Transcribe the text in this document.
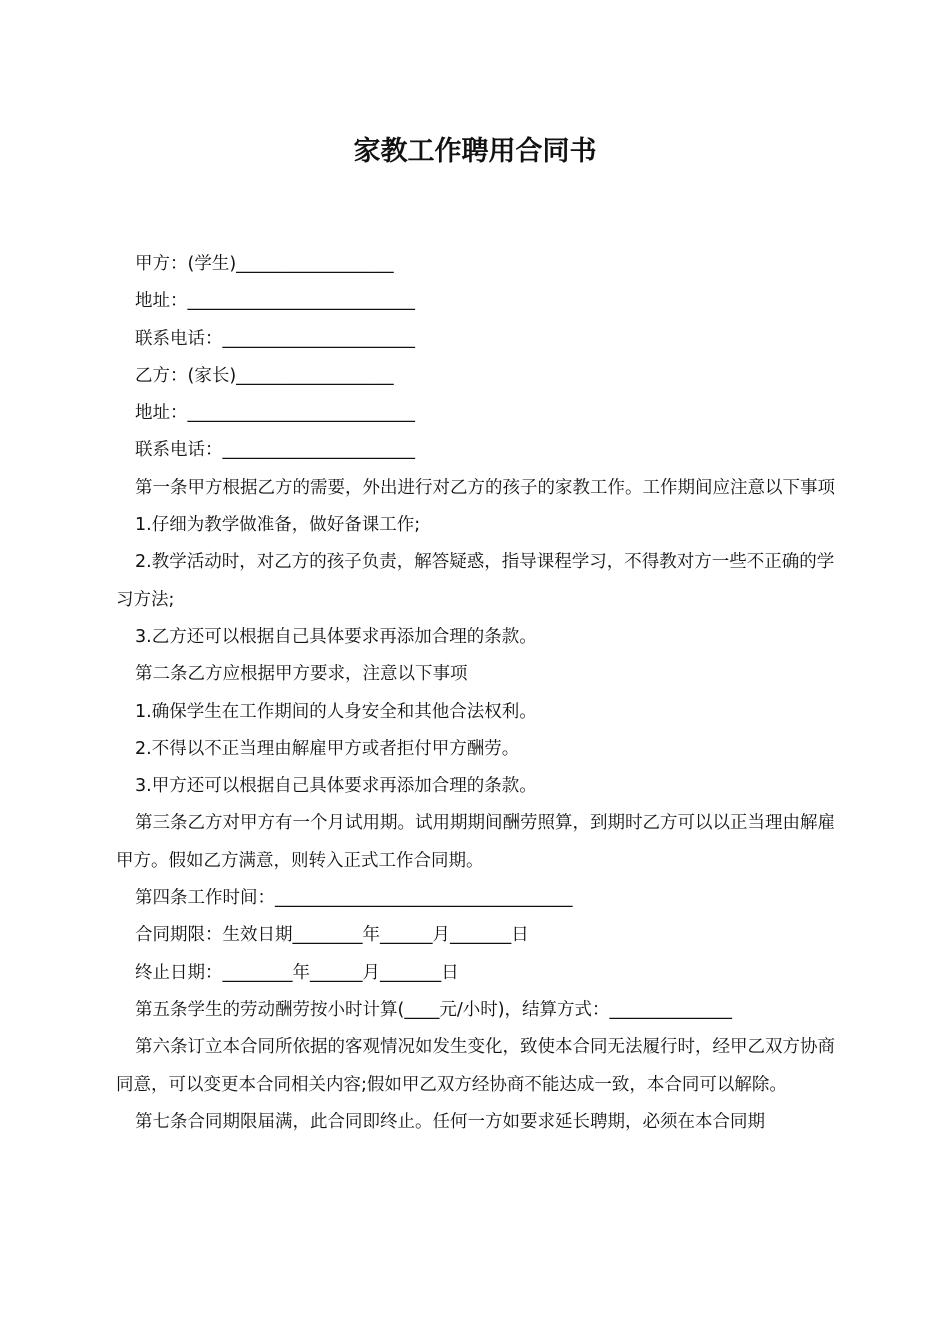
家教工作聘用合同书

甲方：(学生)__________________

地址：__________________________

联系电话：______________________

乙方：(家长)__________________

地址：__________________________

联系电话：______________________

第一条甲方根据乙方的需要，外出进行对乙方的孩子的家教工作。工作期间应注意以下事项

1.仔细为教学做准备，做好备课工作;

2.教学活动时，对乙方的孩子负责，解答疑惑，指导课程学习，不得教对方一些不正确的学习方法;

3.乙方还可以根据自己具体要求再添加合理的条款。

第二条乙方应根据甲方要求，注意以下事项

1.确保学生在工作期间的人身安全和其他合法权利。

2.不得以不正当理由解雇甲方或者拒付甲方酬劳。

3.甲方还可以根据自己具体要求再添加合理的条款。

第三条乙方对甲方有一个月试用期。试用期期间酬劳照算，到期时乙方可以以正当理由解雇甲方。假如乙方满意，则转入正式工作合同期。

第四条工作时间：__________________________________

合同期限：生效日期________年______月_______日

终止日期：________年______月_______日

第五条学生的劳动酬劳按小时计算(____元/小时)，结算方式：______________

第六条订立本合同所依据的客观情况如发生变化，致使本合同无法履行时，经甲乙双方协商同意，可以变更本合同相关内容;假如甲乙双方经协商不能达成一致，本合同可以解除。

第七条合同期限届满，此合同即终止。任何一方如要求延长聘期，必须在本合同期
